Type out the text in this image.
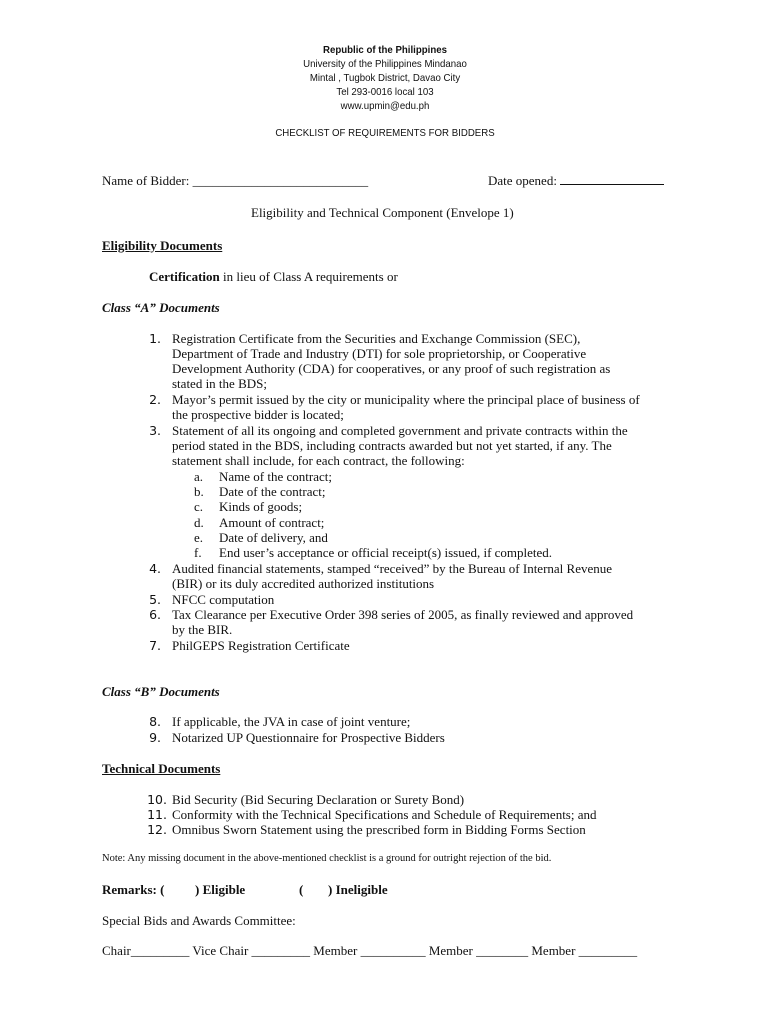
Republic of the Philippines
University of the Philippines Mindanao
Mintal , Tugbok District, Davao City
Tel 293-0016 local 103
www.upmin@edu.ph
CHECKLIST OF REQUIREMENTS FOR BIDDERS
Name of Bidder: ___________________________	Date opened:
Eligibility and Technical Component (Envelope 1)
Eligibility Documents
Certification in lieu of Class A requirements or
Class “A” Documents
1. Registration Certificate from the Securities and Exchange Commission (SEC),
Department of Trade and Industry (DTI) for sole proprietorship, or Cooperative
Development Authority (CDA) for cooperatives, or any proof of such registration as
stated in the BDS;
2. Mayor’s permit issued by the city or municipality where the principal place of business of
the prospective bidder is located;
3. Statement of all its ongoing and completed government and private contracts within the
period stated in the BDS, including contracts awarded but not yet started, if any. The
statement shall include, for each contract, the following:
a. Name of the contract;
b. Date of the contract;
c. Kinds of goods;
d. Amount of contract;
e. Date of delivery, and
f. End user’s acceptance or official receipt(s) issued, if completed.
4. Audited financial statements, stamped “received” by the Bureau of Internal Revenue
(BIR) or its duly accredited authorized institutions
5. NFCC computation
6. Tax Clearance per Executive Order 398 series of 2005, as finally reviewed and approved
by the BIR.
7. PhilGEPS Registration Certificate
Class “B” Documents
8. If applicable, the JVA in case of joint venture;
9. Notarized UP Questionnaire for Prospective Bidders
Technical Documents
10. Bid Security (Bid Securing Declaration or Surety Bond)
11. Conformity with the Technical Specifications and Schedule of Requirements; and
12. Omnibus Sworn Statement using the prescribed form in Bidding Forms Section
Note: Any missing document in the above-mentioned checklist is a ground for outright rejection of the bid.
Remarks: ( ) Eligible	( ) Ineligible
Special Bids and Awards Committee:
Chair_________ Vice Chair _________ Member __________ Member ________ Member _________
